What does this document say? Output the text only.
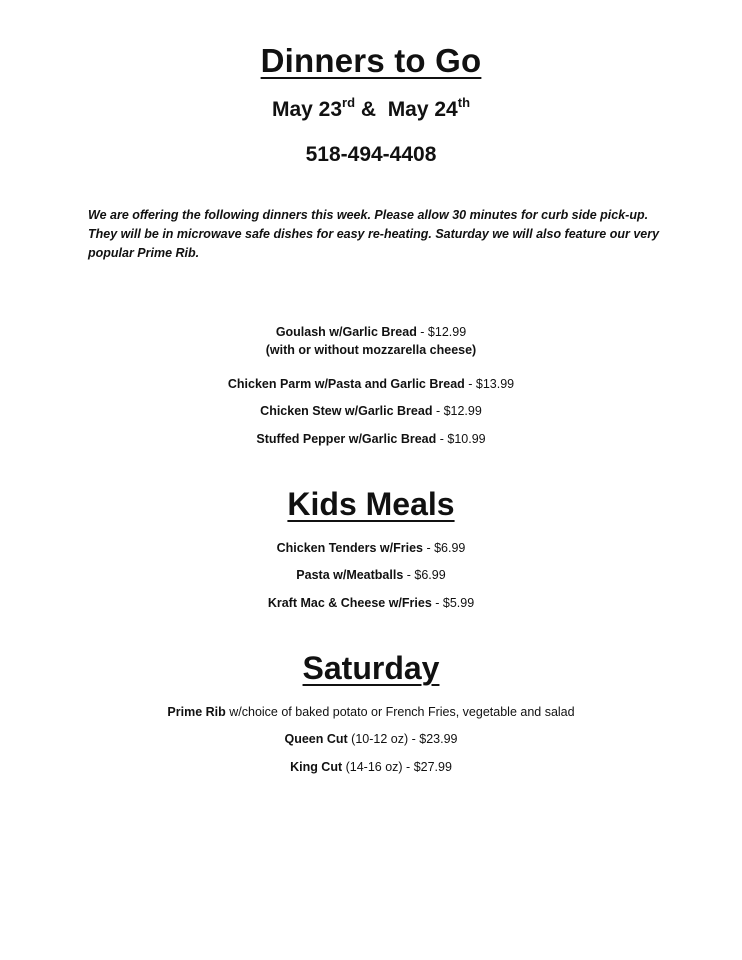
Dinners to Go
May 23rd &  May 24th
518-494-4408
We are offering the following dinners this week. Please allow 30 minutes for curb side pick-up. They will be in microwave safe dishes for easy re-heating. Saturday we will also feature our very popular Prime Rib.
Goulash w/Garlic Bread - $12.99
(with or without mozzarella cheese)
Chicken Parm w/Pasta and Garlic Bread - $13.99
Chicken Stew w/Garlic Bread - $12.99
Stuffed Pepper w/Garlic Bread - $10.99
Kids Meals
Chicken Tenders w/Fries - $6.99
Pasta w/Meatballs - $6.99
Kraft Mac & Cheese w/Fries - $5.99
Saturday
Prime Rib w/choice of baked potato or French Fries, vegetable and salad
Queen Cut (10-12 oz) - $23.99
King Cut (14-16 oz) - $27.99
